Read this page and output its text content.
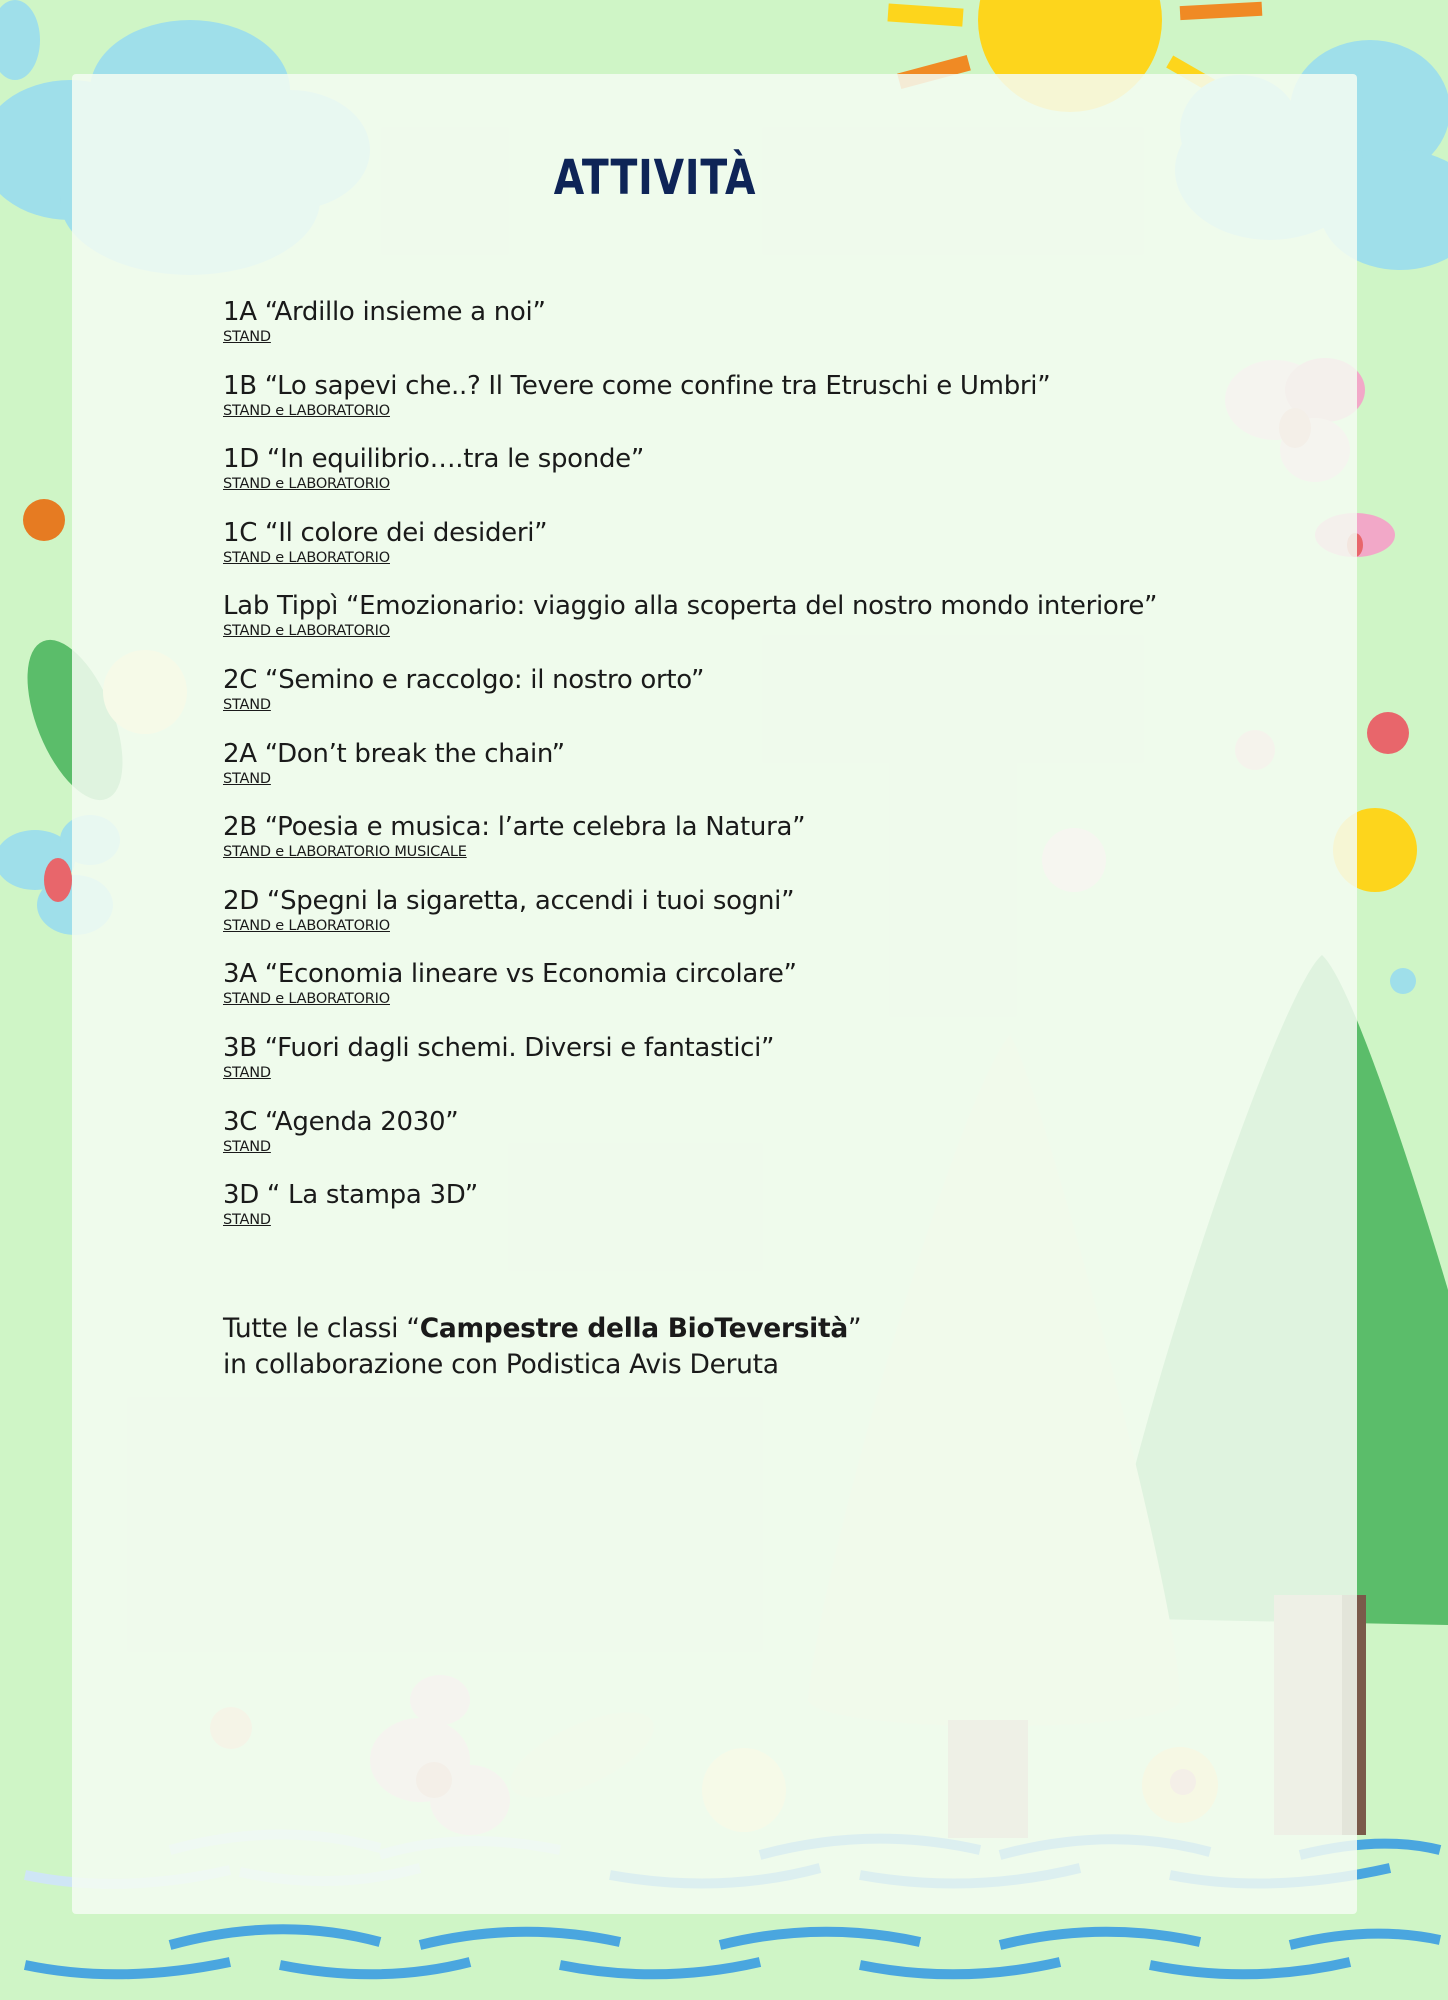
ATTIVITÀ
1A “Ardillo insieme a noi”
STAND
1B “Lo sapevi che..? Il Tevere come confine tra Etruschi e Umbri”
STAND e LABORATORIO
1D “In equilibrio….tra le sponde”
STAND e LABORATORIO
1C “Il colore dei desideri”
STAND e LABORATORIO
Lab Tippì “Emozionario: viaggio alla scoperta del nostro mondo interiore”
STAND e LABORATORIO
2C “Semino e raccolgo: il nostro orto”
STAND
2A “Don’t break the chain”
STAND
2B “Poesia e musica: l’arte celebra la Natura”
STAND e LABORATORIO MUSICALE
2D “Spegni la sigaretta, accendi i tuoi sogni”
STAND e LABORATORIO
3A “Economia lineare vs Economia circolare”
STAND e LABORATORIO
3B “Fuori dagli schemi. Diversi e fantastici”
STAND
3C “Agenda 2030”
STAND
3D “ La stampa 3D”
STAND
Tutte le classi “Campestre della BioTeversità”
in collaborazione con Podistica Avis Deruta
